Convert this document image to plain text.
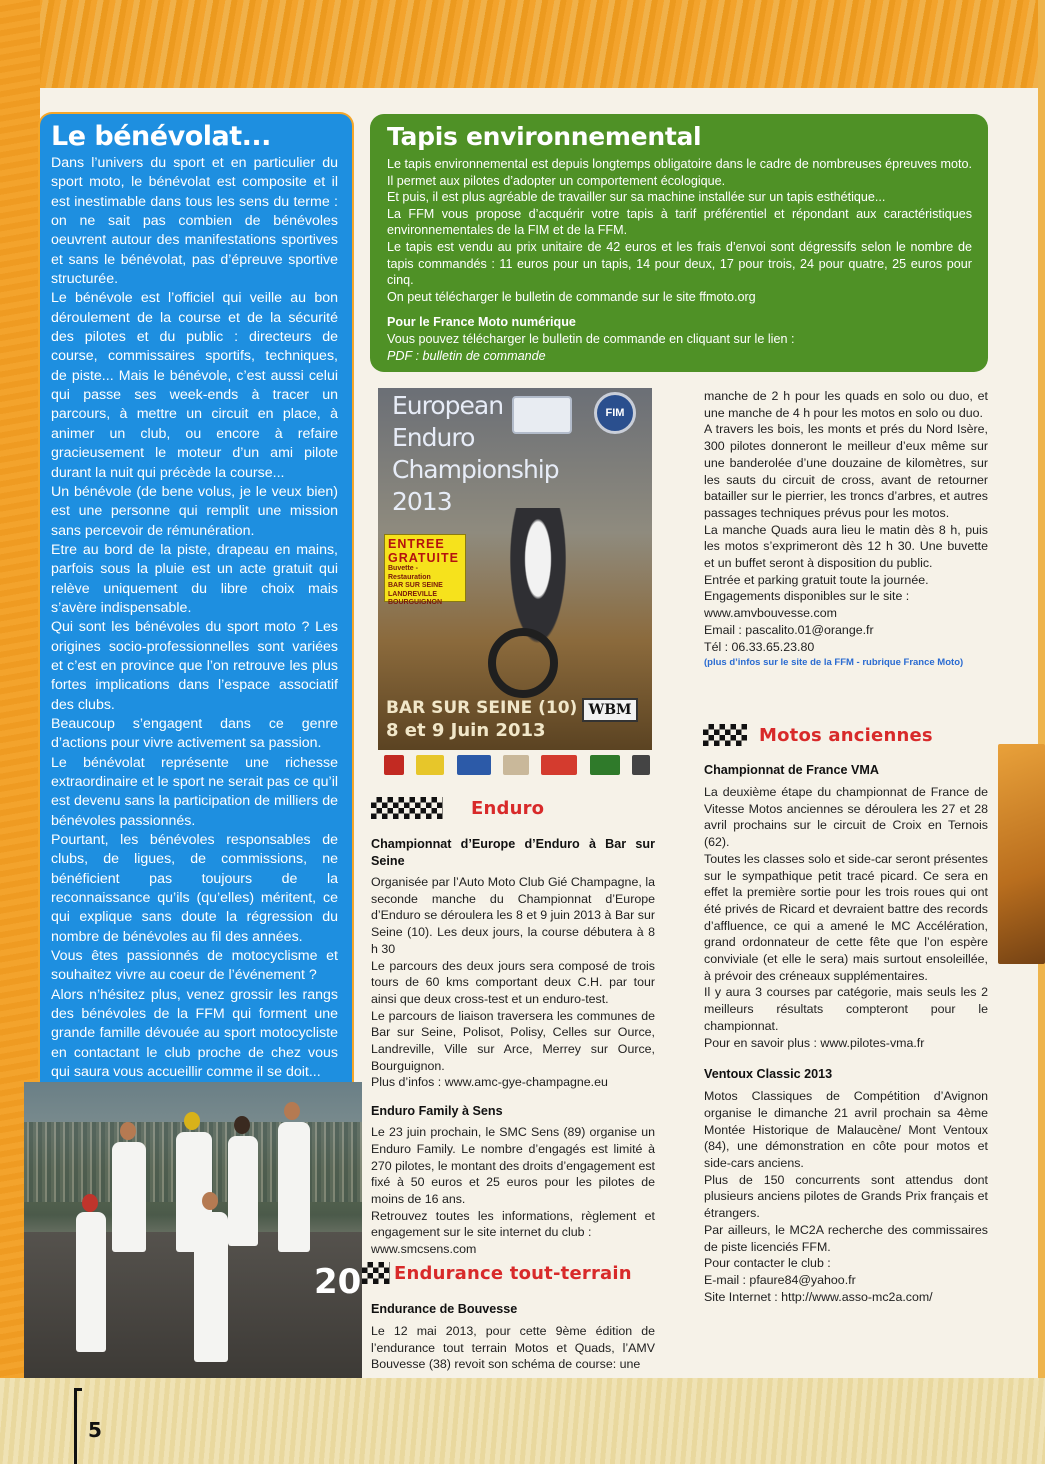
Le bénévolat...

Dans l’univers du sport et en particulier du sport moto, le bénévolat est composite et il est inestimable dans tous les sens du terme : on ne sait pas combien de bénévoles oeuvrent autour des manifestations sportives et sans le bénévolat, pas d’épreuve sportive structurée.

Le bénévole est l’officiel qui veille au bon déroulement de la course et de la sécurité des pilotes et du public : directeurs de course, commissaires sportifs, techniques, de piste... Mais le bénévole, c’est aussi celui qui passe ses week-ends à tracer un parcours, à mettre un circuit en place, à animer un club, ou encore à refaire gracieusement le moteur d’un ami pilote durant la nuit qui précède la course...

Un bénévole (de bene volus, je le veux bien) est une personne qui remplit une mission sans percevoir de rémunération.

Etre au bord de la piste, drapeau en mains, parfois sous la pluie est un acte gratuit qui relève uniquement du libre choix mais s’avère indispensable.

Qui sont les bénévoles du sport moto ? Les origines socio-professionnelles sont variées et c’est en province que l’on retrouve les plus fortes implications dans l’espace associatif des clubs.

Beaucoup s’engagent dans ce genre d’actions pour vivre activement sa passion.

Le bénévolat représente une richesse extraordinaire et le sport ne serait pas ce qu’il est devenu sans la participation de milliers de bénévoles passionnés.

Pourtant, les bénévoles responsables de clubs, de ligues, de commissions, ne bénéficient pas toujours de la reconnaissance qu’ils (qu’elles) méritent, ce qui explique sans doute la régression du nombre de bénévoles au fil des années.

Vous êtes passionnés de motocyclisme et souhaitez vivre au coeur de l’événement ?

Alors n’hésitez plus, venez grossir les rangs des bénévoles de la FFM qui forment une grande famille dévouée au sport motocycliste en contactant le club proche de chez vous qui saura vous accueillir comme il se doit...

20
Tapis environnemental

Le tapis environnemental est depuis longtemps obligatoire dans le cadre de nombreuses épreuves moto. Il permet aux pilotes d’adopter un comportement écologique.

Et puis, il est plus agréable de travailler sur sa machine installée sur un tapis esthétique...

La FFM vous propose d’acquérir votre tapis à tarif préférentiel et répondant aux caractéristiques environnementales de la FIM et de la FFM.

Le tapis est vendu au prix unitaire de 42 euros et les frais d’envoi sont dégressifs selon le nombre de tapis commandés : 11 euros pour un tapis, 14 pour deux, 17 pour trois, 24 pour quatre, 25 euros pour cinq.

On peut télécharger le bulletin de commande sur le site ffmoto.org

Pour le France Moto numérique

Vous pouvez télécharger le bulletin de commande en cliquant sur le lien :

PDF : bulletin de commande

European
Enduro
Championship
2013
FIM
ENTREE
GRATUITE
Buvette - Restauration
BAR SUR SEINE
LANDREVILLE
BOURGUIGNON
BAR SUR SEINE (10)
8 et 9 Juin 2013
WBM
Enduro
Championnat d’Europe d’Enduro à Bar sur Seine

Organisée par l’Auto Moto Club Gié Champagne, la seconde manche du Championnat d’Europe d’Enduro se déroulera les 8 et 9 juin 2013 à Bar sur Seine (10). Les deux jours, la course débutera à 8 h 30

Le parcours des deux jours sera composé de trois tours de 60 kms comportant deux C.H. par tour ainsi que deux cross-test et un enduro-test.

Le parcours de liaison traversera les communes de Bar sur Seine, Polisot, Polisy, Celles sur Ource, Landreville, Ville sur Arce, Merrey sur Ource, Bourguignon.

Plus d’infos : www.amc-gye-champagne.eu

Enduro Family à Sens

Le 23 juin prochain, le SMC Sens (89) organise un Enduro Family. Le nombre d’engagés est limité à 270 pilotes, le montant des droits d’engagement est fixé à 50 euros et 25 euros pour les pilotes de moins de 16 ans.

Retrouvez toutes les informations, règlement et engagement sur le site internet du club :

www.smcsens.com

Endurance tout-terrain
Endurance de Bouvesse

Le 12 mai 2013, pour cette 9ème édition de l’endurance tout terrain Motos et Quads, l’AMV Bouvesse (38) revoit son schéma de course: une

manche de 2 h pour les quads en solo ou duo, et une manche de 4 h pour les motos en solo ou duo.

A travers les bois, les monts et prés du Nord Isère, 300 pilotes donneront le meilleur d’eux même sur une banderolée d’une douzaine de kilomètres, sur les sauts du circuit de cross, avant de retourner batailler sur le pierrier, les troncs d’arbres, et autres passages techniques prévus pour les motos.

La manche Quads aura lieu le matin dès 8 h, puis les motos s’exprimeront dès 12 h 30. Une buvette et un buffet seront à disposition du public.

Entrée et parking gratuit toute la journée.

Engagements disponibles sur le site :

www.amvbouvesse.com

Email : pascalito.01@orange.fr

Tél : 06.33.65.23.80

(plus d’infos sur le site de la FFM - rubrique France Moto)

Motos anciennes
Championnat de France VMA

La deuxième étape du championnat de France de Vitesse Motos anciennes se déroulera les 27 et 28 avril prochains sur le circuit de Croix en Ternois (62).

Toutes les classes solo et side-car seront présentes sur le sympathique petit tracé picard. Ce sera en effet la première sortie pour les trois roues qui ont été privés de Ricard et devraient battre des records d’affluence, ce qui a amené le MC Accélération, grand ordonnateur de cette fête que l’on espère conviviale (et elle le sera) mais surtout ensoleillée, à prévoir des créneaux supplémentaires.

Il y aura 3 courses par catégorie, mais seuls les 2 meilleurs résultats compteront pour le championnat.

Pour en savoir plus : www.pilotes-vma.fr

Ventoux Classic 2013

Motos Classiques de Compétition d’Avignon organise le dimanche 21 avril prochain sa 4ème Montée Historique de Malaucène/ Mont Ventoux (84), une démonstration en côte pour motos et side-cars anciens.

Plus de 150 concurrents sont attendus dont plusieurs anciens pilotes de Grands Prix français et étrangers.

Par ailleurs, le MC2A recherche des commissaires de piste licenciés FFM.

Pour contacter le club :

E-mail : pfaure84@yahoo.fr

Site Internet : http://www.asso-mc2a.com/

5
